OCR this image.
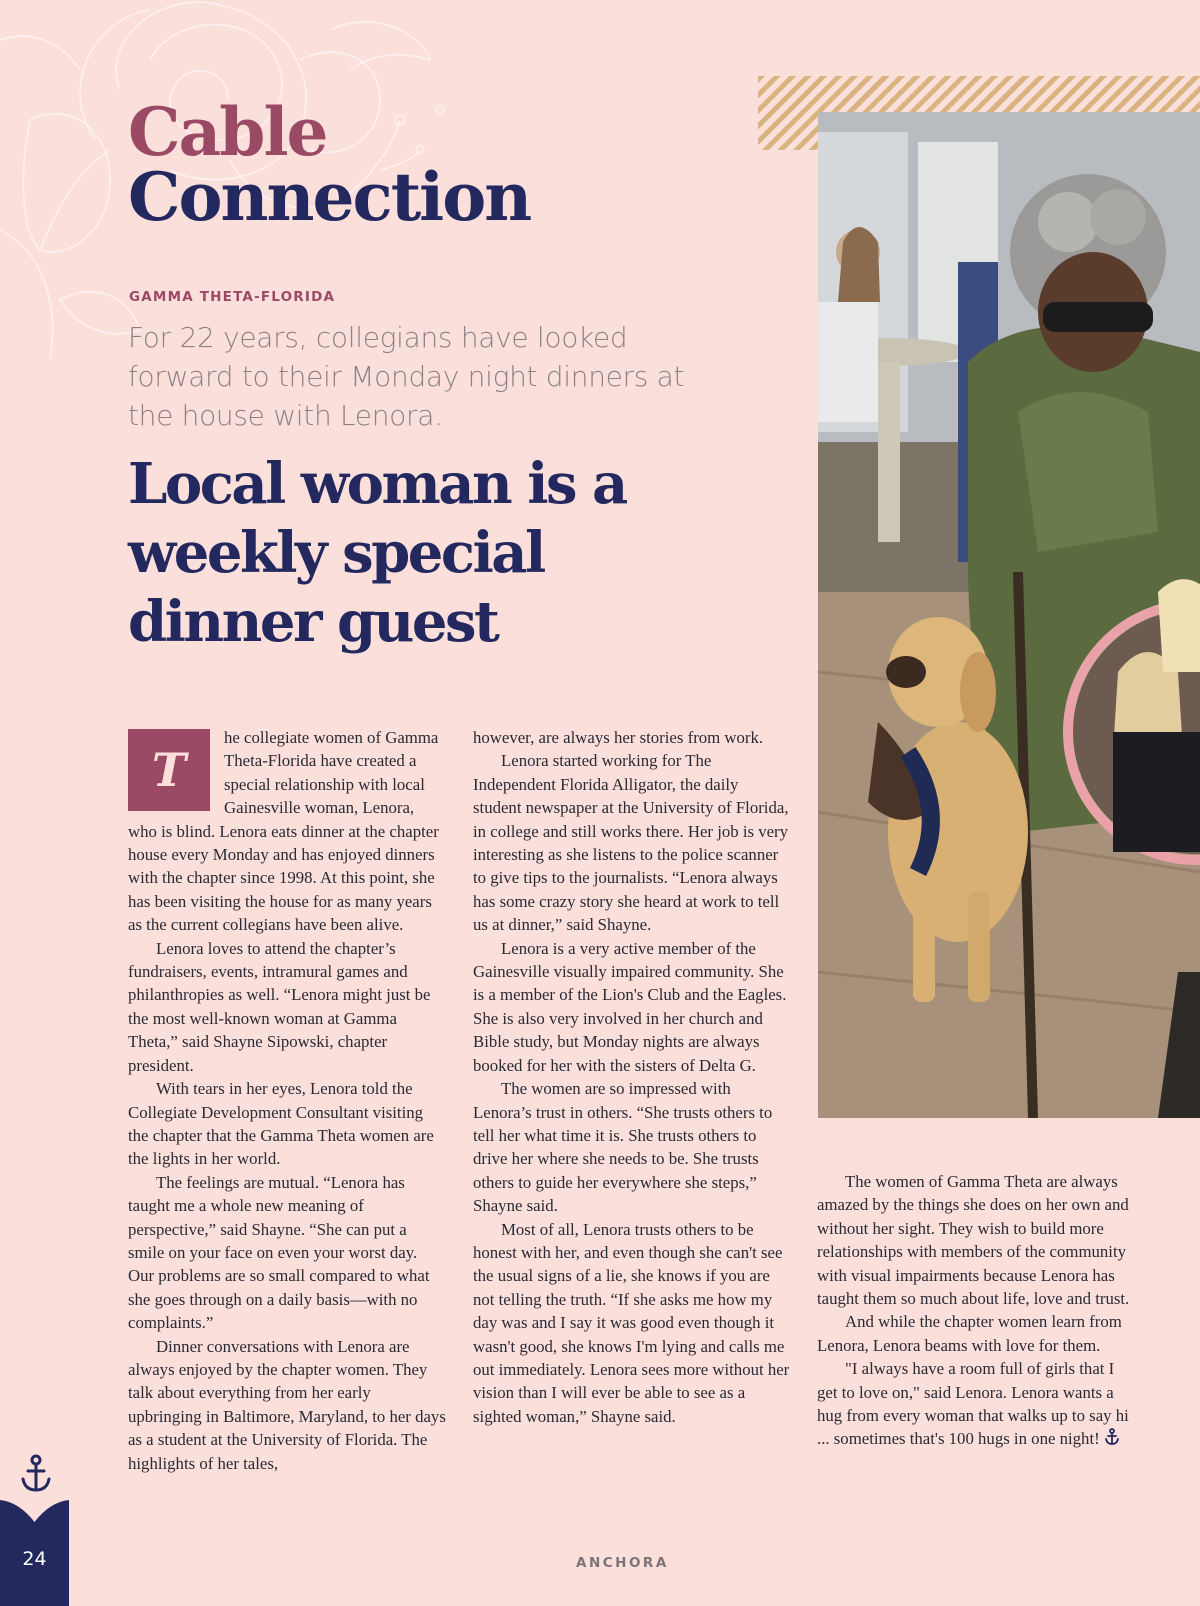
Cable
Connection
GAMMA THETA-FLORIDA

For 22 years, collegians have looked forward to their Monday night dinners at the house with Lenora.

Local woman is a weekly special dinner guest
T

he collegiate women of Gamma Theta-Florida have created a special relationship with local Gainesville woman, Lenora, who is blind. Lenora eats dinner at the chapter house every Monday and has enjoyed dinners with the chapter since 1998. At this point, she has been visiting the house for as many years as the current collegians have been alive.

Lenora loves to attend the chapter’s fundraisers, events, intramural games and philanthropies as well. “Lenora might just be the most well-known woman at Gamma Theta,” said Shayne Sipowski, chapter president.

With tears in her eyes, Lenora told the Collegiate Development Consultant visiting the chapter that the Gamma Theta women are the lights in her world.

The feelings are mutual. “Lenora has taught me a whole new meaning of perspective,” said Shayne. “She can put a smile on your face on even your worst day. Our problems are so small compared to what she goes through on a daily basis—with no complaints.”

Dinner conversations with Lenora are always enjoyed by the chapter women. They talk about everything from her early upbringing in Baltimore, Maryland, to her days as a student at the University of Florida. The highlights of her tales,

however, are always her stories from work.

Lenora started working for The Independent Florida Alligator, the daily student newspaper at the University of Florida, in college and still works there. Her job is very interesting as she listens to the police scanner to give tips to the journalists. “Lenora always has some crazy story she heard at work to tell us at dinner,” said Shayne.

Lenora is a very active member of the Gainesville visually impaired community. She is a member of the Lion's Club and the Eagles. She is also very involved in her church and Bible study, but Monday nights are always booked for her with the sisters of Delta G.

The women are so impressed with Lenora’s trust in others. “She trusts others to tell her what time it is. She trusts others to drive her where she needs to be. She trusts others to guide her everywhere she steps,” Shayne said.

Most of all, Lenora trusts others to be honest with her, and even though she can't see the usual signs of a lie, she knows if you are not telling the truth. “If she asks me how my day was and I say it was good even though it wasn't good, she knows I'm lying and calls me out immediately. Lenora sees more without her vision than I will ever be able to see as a sighted woman,” Shayne said.

The women of Gamma Theta are always amazed by the things she does on her own and without her sight. They wish to build more relationships with members of the community with visual impairments because Lenora has taught them so much about life, love and trust.

And while the chapter women learn from Lenora, Lenora beams with love for them.

"I always have a room full of girls that I get to love on," said Lenora. Lenora wants a hug from every woman that walks up to say hi ... sometimes that's 100 hugs in one night!

24	ANCHORA
